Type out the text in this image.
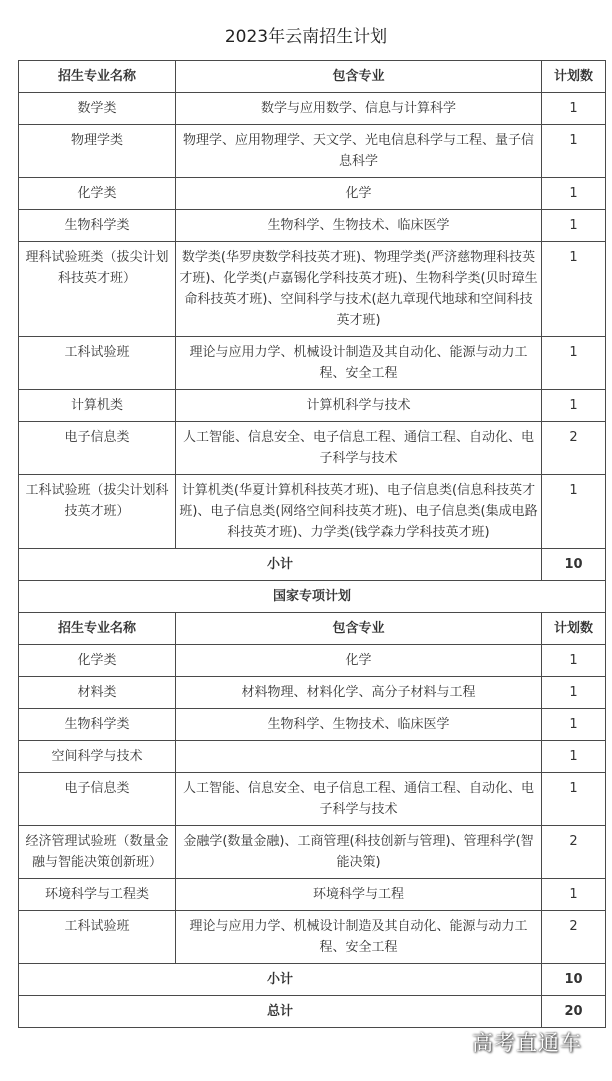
2023年云南招生计划
招生专业名称	包含专业	计划数
数学类	数学与应用数学、信息与计算科学	1
物理学类	物理学、应用物理学、天文学、光电信息科学与工程、量子信息科学	1
化学类	化学	1
生物科学类	生物科学、生物技术、临床医学	1
理科试验班类（拔尖计划科技英才班）	数学类(华罗庚数学科技英才班)、物理学类(严济慈物理科技英才班)、化学类(卢嘉锡化学科技英才班)、生物科学类(贝时璋生命科技英才班)、空间科学与技术(赵九章现代地球和空间科技英才班)	1
工科试验班	理论与应用力学、机械设计制造及其自动化、能源与动力工程、安全工程	1
计算机类	计算机科学与技术	1
电子信息类	人工智能、信息安全、电子信息工程、通信工程、自动化、电子科学与技术	2
工科试验班（拔尖计划科技英才班）	计算机类(华夏计算机科技英才班)、电子信息类(信息科技英才班)、电子信息类(网络空间科技英才班)、电子信息类(集成电路科技英才班)、力学类(钱学森力学科技英才班)	1
小计		10
国家专项计划		
招生专业名称	包含专业	计划数
化学类	化学	1
材料类	材料物理、材料化学、高分子材料与工程	1
生物科学类	生物科学、生物技术、临床医学	1
空间科学与技术		1
电子信息类	人工智能、信息安全、电子信息工程、通信工程、自动化、电子科学与技术	1
经济管理试验班（数量金融与智能决策创新班）	金融学(数量金融)、工商管理(科技创新与管理)、管理科学(智能决策)	2
环境科学与工程类	环境科学与工程	1
工科试验班	理论与应用力学、机械设计制造及其自动化、能源与动力工程、安全工程	2
小计		10
总计		20
高考直通车
